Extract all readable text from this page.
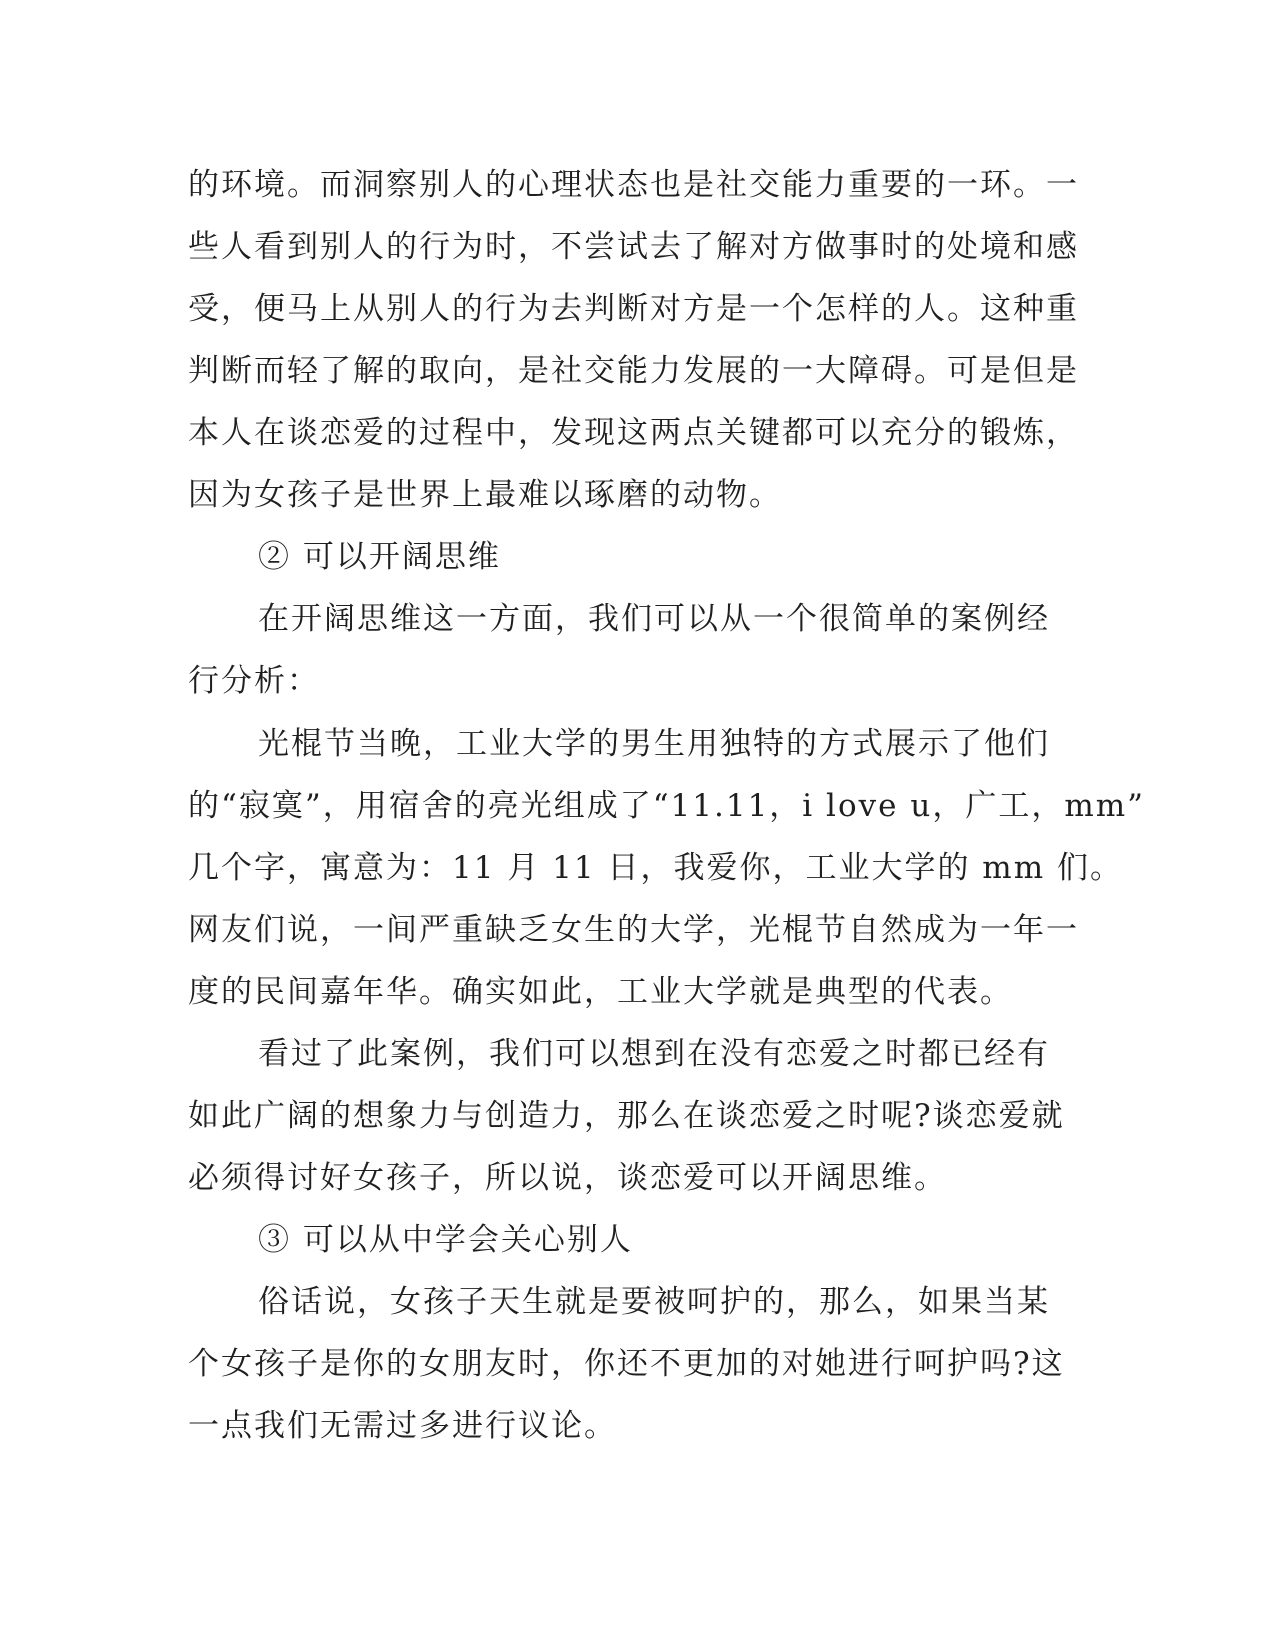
的环境。而洞察别人的心理状态也是社交能力重要的一环。一
些人看到别人的行为时，不尝试去了解对方做事时的处境和感
受，便马上从别人的行为去判断对方是一个怎样的人。这种重
判断而轻了解的取向，是社交能力发展的一大障碍。可是但是
本人在谈恋爱的过程中，发现这两点关键都可以充分的锻炼，
因为女孩子是世界上最难以琢磨的动物。
② 可以开阔思维
在开阔思维这一方面，我们可以从一个很简单的案例经
行分析：
光棍节当晚，工业大学的男生用独特的方式展示了他们
的“寂寞”，用宿舍的亮光组成了“11.11，i love u，广工，mm”
几个字，寓意为：11 月 11 日，我爱你，工业大学的 mm 们。
网友们说，一间严重缺乏女生的大学，光棍节自然成为一年一
度的民间嘉年华。确实如此，工业大学就是典型的代表。
看过了此案例，我们可以想到在没有恋爱之时都已经有
如此广阔的想象力与创造力，那么在谈恋爱之时呢?谈恋爱就
必须得讨好女孩子，所以说，谈恋爱可以开阔思维。
③ 可以从中学会关心别人
俗话说，女孩子天生就是要被呵护的，那么，如果当某
个女孩子是你的女朋友时，你还不更加的对她进行呵护吗?这
一点我们无需过多进行议论。
